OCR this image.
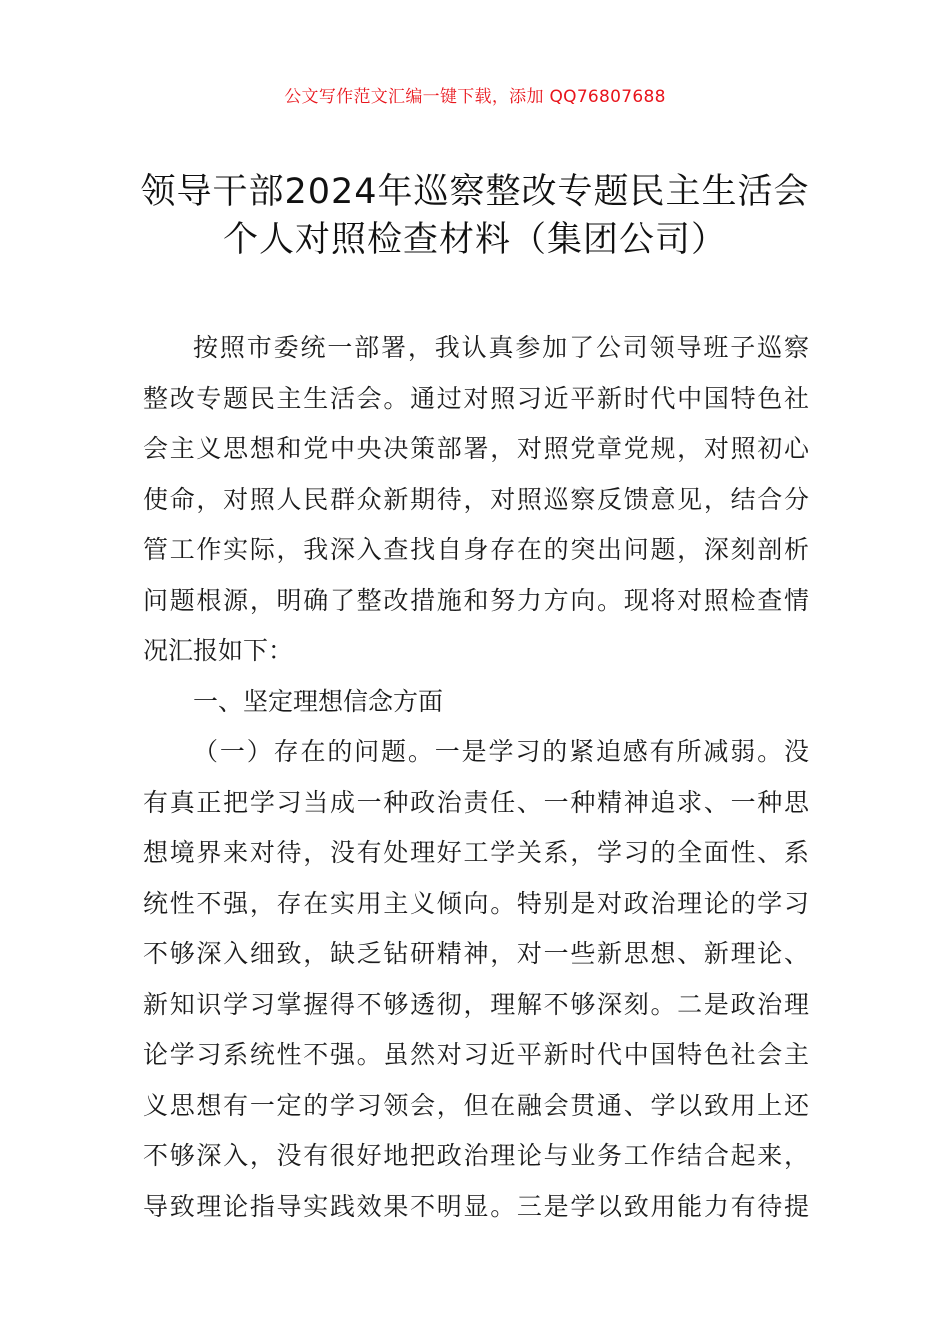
公文写作范文汇编一键下载，添加 QQ76807688
领导干部2024年巡察整改专题民主生活会
个人对照检查材料（集团公司）
按照市委统一部署，我认真参加了公司领导班子巡察
整改专题民主生活会。通过对照习近平新时代中国特色社
会主义思想和党中央决策部署，对照党章党规，对照初心
使命，对照人民群众新期待，对照巡察反馈意见，结合分
管工作实际，我深入查找自身存在的突出问题，深刻剖析
问题根源，明确了整改措施和努力方向。现将对照检查情
况汇报如下：
一、坚定理想信念方面
（一）存在的问题。一是学习的紧迫感有所减弱。没
有真正把学习当成一种政治责任、一种精神追求、一种思
想境界来对待，没有处理好工学关系，学习的全面性、系
统性不强，存在实用主义倾向。特别是对政治理论的学习
不够深入细致，缺乏钻研精神，对一些新思想、新理论、
新知识学习掌握得不够透彻，理解不够深刻。二是政治理
论学习系统性不强。虽然对习近平新时代中国特色社会主
义思想有一定的学习领会，但在融会贯通、学以致用上还
不够深入，没有很好地把政治理论与业务工作结合起来，
导致理论指导实践效果不明显。三是学以致用能力有待提
